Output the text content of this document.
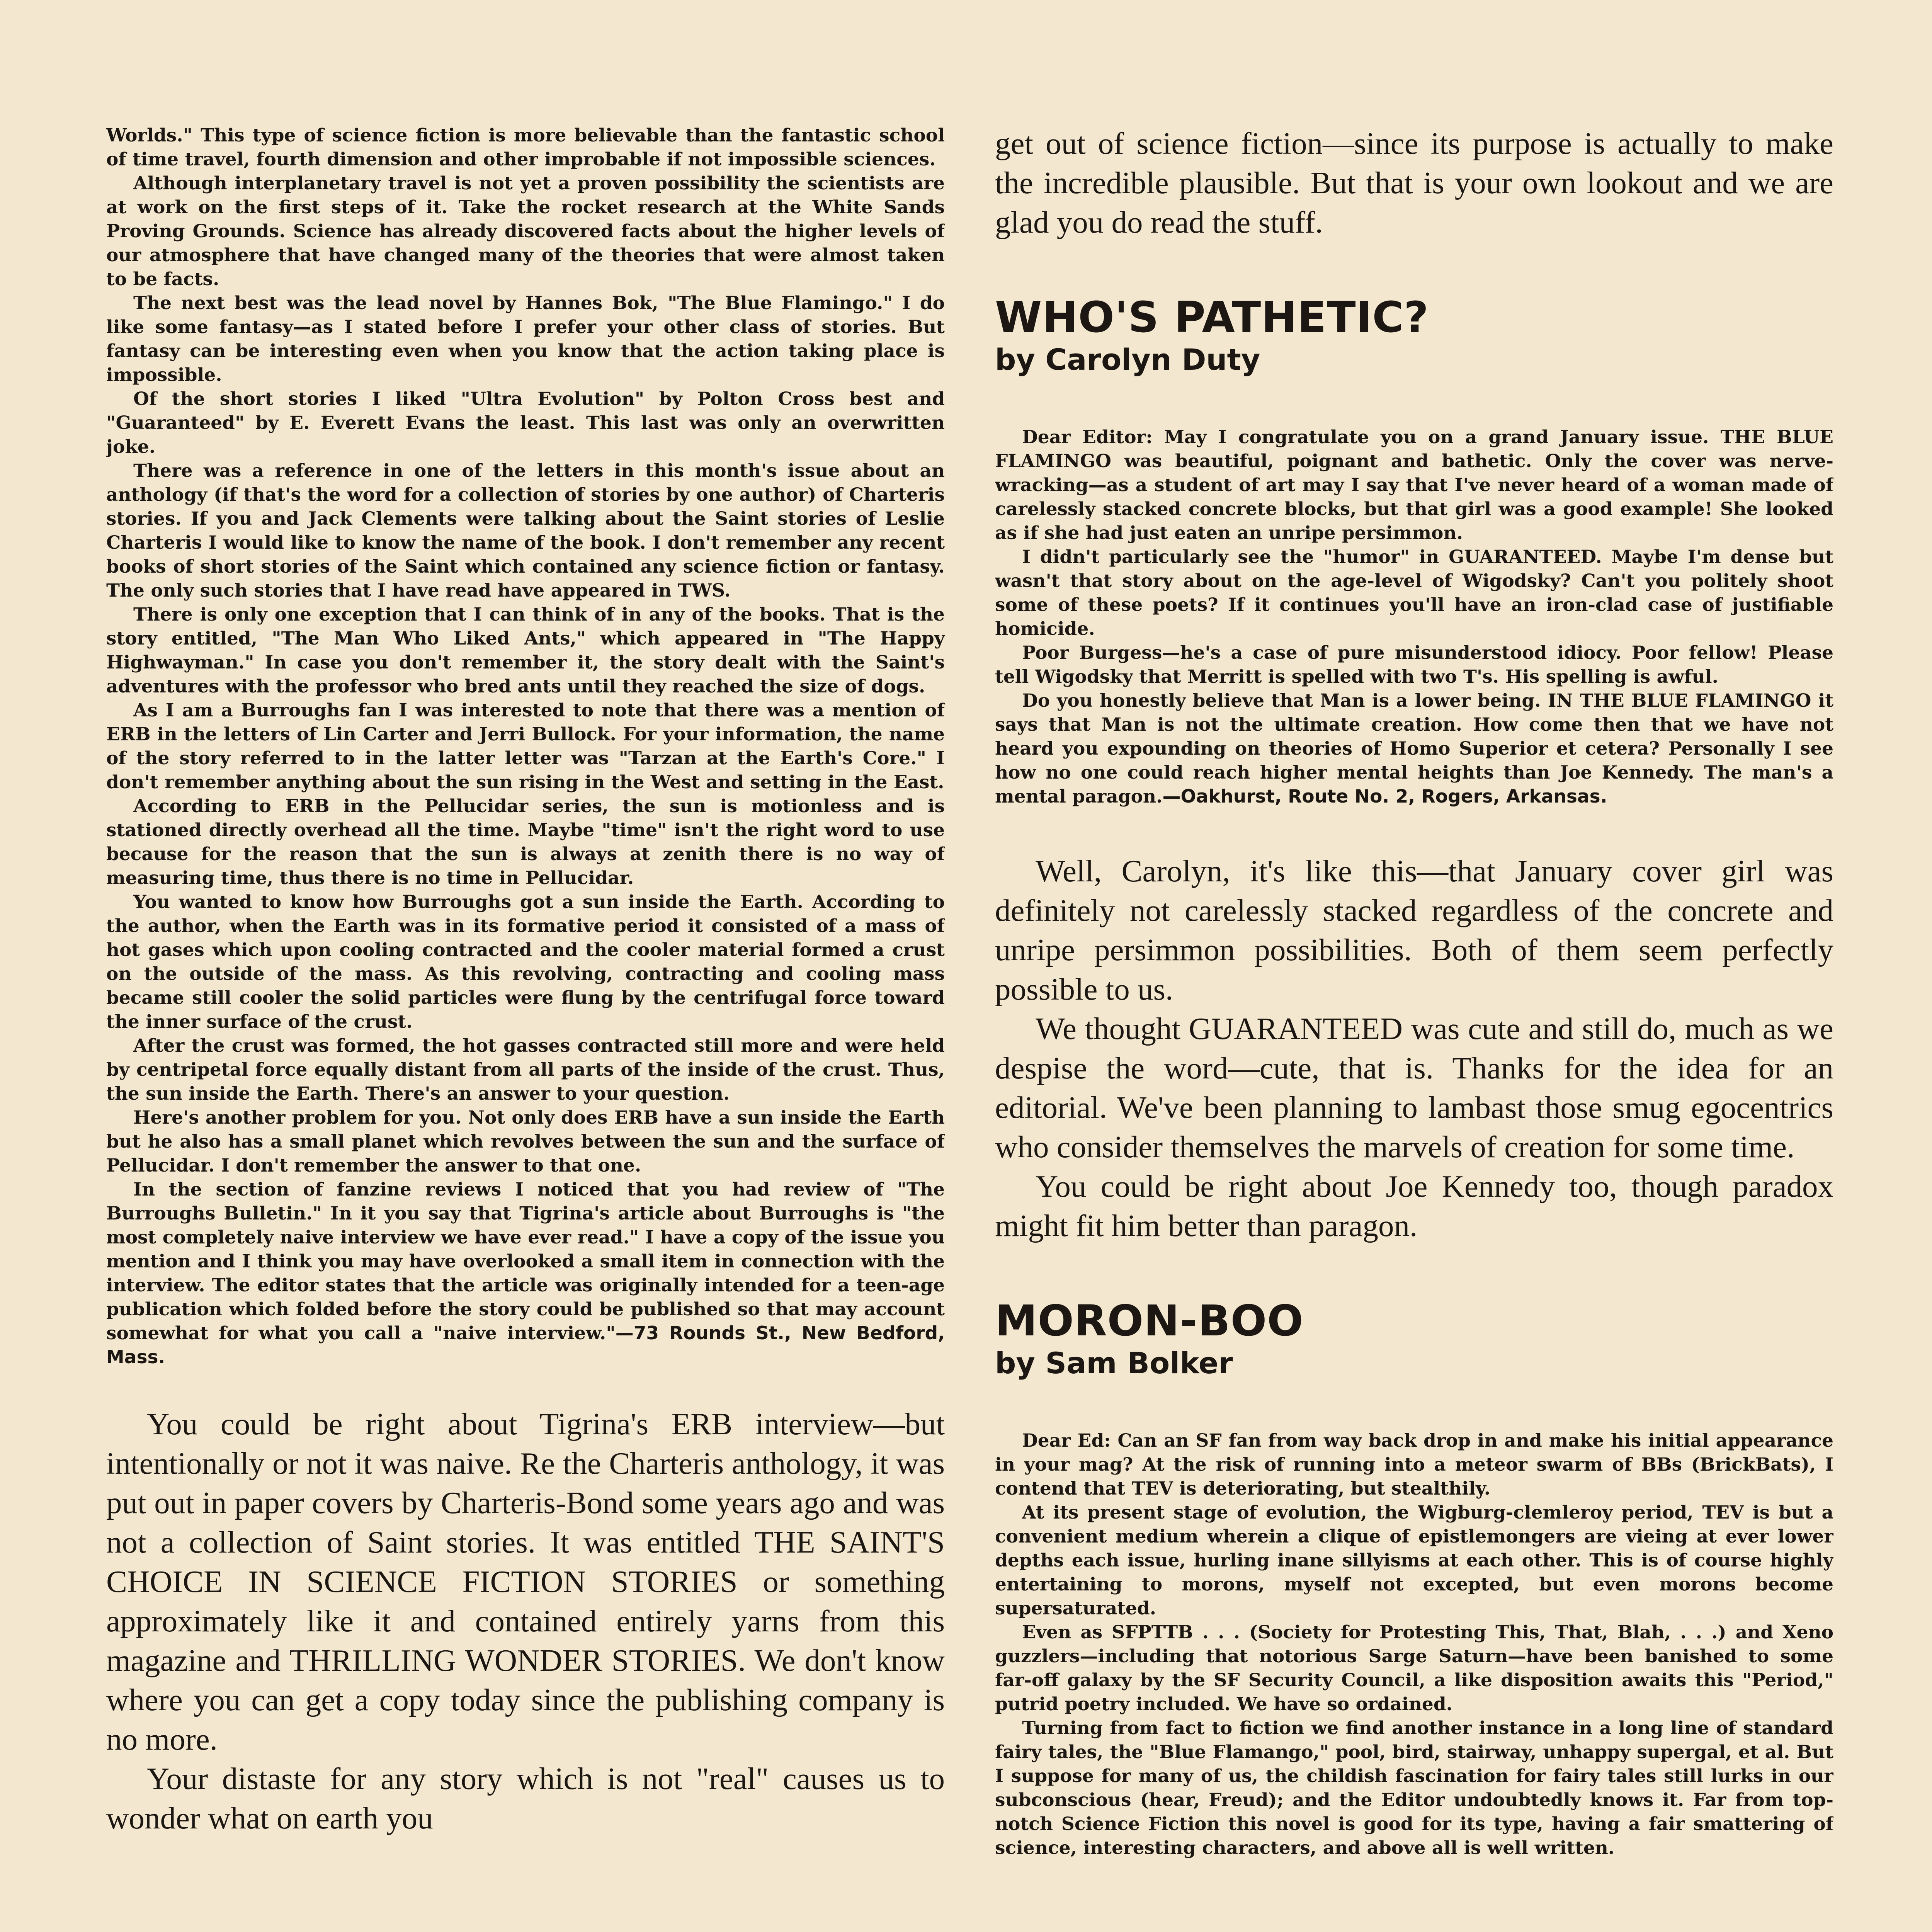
Worlds." This type of science fiction is more believable than the fantastic school of time travel, fourth dimension and other improbable if not impossible sciences.

Although interplanetary travel is not yet a proven possibility the scientists are at work on the first steps of it. Take the rocket research at the White Sands Proving Grounds. Science has already discovered facts about the higher levels of our atmosphere that have changed many of the theories that were almost taken to be facts.

The next best was the lead novel by Hannes Bok, "The Blue Flamingo." I do like some fantasy—as I stated before I prefer your other class of stories. But fantasy can be interesting even when you know that the action taking place is impossible.

Of the short stories I liked "Ultra Evolution" by Polton Cross best and "Guaranteed" by E. Everett Evans the least. This last was only an overwritten joke.

There was a reference in one of the letters in this month's issue about an anthology (if that's the word for a collection of stories by one author) of Charteris stories. If you and Jack Clements were talking about the Saint stories of Leslie Charteris I would like to know the name of the book. I don't remember any recent books of short stories of the Saint which contained any science fiction or fantasy. The only such stories that I have read have appeared in TWS.

There is only one exception that I can think of in any of the books. That is the story entitled, "The Man Who Liked Ants," which appeared in "The Happy Highwayman." In case you don't remember it, the story dealt with the Saint's adventures with the professor who bred ants until they reached the size of dogs.

As I am a Burroughs fan I was interested to note that there was a mention of ERB in the letters of Lin Carter and Jerri Bullock. For your information, the name of the story referred to in the latter letter was "Tarzan at the Earth's Core." I don't remember anything about the sun rising in the West and setting in the East.

According to ERB in the Pellucidar series, the sun is motionless and is stationed directly overhead all the time. Maybe "time" isn't the right word to use because for the reason that the sun is always at zenith there is no way of measuring time, thus there is no time in Pellucidar.

You wanted to know how Burroughs got a sun inside the Earth. According to the author, when the Earth was in its formative period it consisted of a mass of hot gases which upon cooling contracted and the cooler material formed a crust on the outside of the mass. As this revolving, contracting and cooling mass became still cooler the solid particles were flung by the centrifugal force toward the inner surface of the crust.

After the crust was formed, the hot gasses contracted still more and were held by centripetal force equally distant from all parts of the inside of the crust. Thus, the sun inside the Earth. There's an answer to your question.

Here's another problem for you. Not only does ERB have a sun inside the Earth but he also has a small planet which revolves between the sun and the surface of Pellucidar. I don't remember the answer to that one.

In the section of fanzine reviews I noticed that you had review of "The Burroughs Bulletin." In it you say that Tigrina's article about Burroughs is "the most completely naive interview we have ever read." I have a copy of the issue you mention and I think you may have overlooked a small item in connection with the interview. The editor states that the article was originally intended for a teen-age publication which folded before the story could be published so that may account somewhat for what you call a "naive interview."—73 Rounds St., New Bedford, Mass.

You could be right about Tigrina's ERB interview—but intentionally or not it was naive. Re the Charteris anthology, it was put out in paper covers by Charteris-Bond some years ago and was not a collection of Saint stories. It was entitled THE SAINT'S CHOICE IN SCIENCE FICTION STORIES or something approximately like it and contained entirely yarns from this magazine and THRILLING WONDER STORIES. We don't know where you can get a copy today since the publishing company is no more.

Your distaste for any story which is not "real" causes us to wonder what on earth you

get out of science fiction—since its purpose is actually to make the incredible plausible. But that is your own lookout and we are glad you do read the stuff.

WHO'S PATHETIC?
by Carolyn Duty

Dear Editor: May I congratulate you on a grand January issue. THE BLUE FLAMINGO was beautiful, poignant and bathetic. Only the cover was nerve-wracking—as a student of art may I say that I've never heard of a woman made of carelessly stacked concrete blocks, but that girl was a good example! She looked as if she had just eaten an unripe persimmon.

I didn't particularly see the "humor" in GUARANTEED. Maybe I'm dense but wasn't that story about on the age-level of Wigodsky? Can't you politely shoot some of these poets? If it continues you'll have an iron-clad case of justifiable homicide.

Poor Burgess—he's a case of pure misunderstood idiocy. Poor fellow! Please tell Wigodsky that Merritt is spelled with two T's. His spelling is awful.

Do you honestly believe that Man is a lower being. IN THE BLUE FLAMINGO it says that Man is not the ultimate creation. How come then that we have not heard you expounding on theories of Homo Superior et cetera? Personally I see how no one could reach higher mental heights than Joe Kennedy. The man's a mental paragon.—Oakhurst, Route No. 2, Rogers, Arkansas.

Well, Carolyn, it's like this—that January cover girl was definitely not carelessly stacked regardless of the concrete and unripe persimmon possibilities. Both of them seem perfectly possible to us.

We thought GUARANTEED was cute and still do, much as we despise the word—cute, that is. Thanks for the idea for an editorial. We've been planning to lambast those smug egocentrics who consider themselves the marvels of creation for some time.

You could be right about Joe Kennedy too, though paradox might fit him better than paragon.

MORON-BOO
by Sam Bolker

Dear Ed: Can an SF fan from way back drop in and make his initial appearance in your mag? At the risk of running into a meteor swarm of BBs (BrickBats), I contend that TEV is deteriorating, but stealthily.

At its present stage of evolution, the Wigburg-clemleroy period, TEV is but a convenient medium wherein a clique of epistlemongers are vieing at ever lower depths each issue, hurling inane sillyisms at each other. This is of course highly entertaining to morons, myself not excepted, but even morons become supersaturated.

Even as SFPTTB . . . (Society for Protesting This, That, Blah, . . .) and Xeno guzzlers—including that notorious Sarge Saturn—have been banished to some far-off galaxy by the SF Security Council, a like disposition awaits this "Period," putrid poetry included. We have so ordained.

Turning from fact to fiction we find another instance in a long line of standard fairy tales, the "Blue Flamango," pool, bird, stairway, unhappy supergal, et al. But I suppose for many of us, the childish fascination for fairy tales still lurks in our subconscious (hear, Freud); and the Editor undoubtedly knows it. Far from top-notch Science Fiction this novel is good for its type, having a fair smattering of science, interesting characters, and above all is well written.
